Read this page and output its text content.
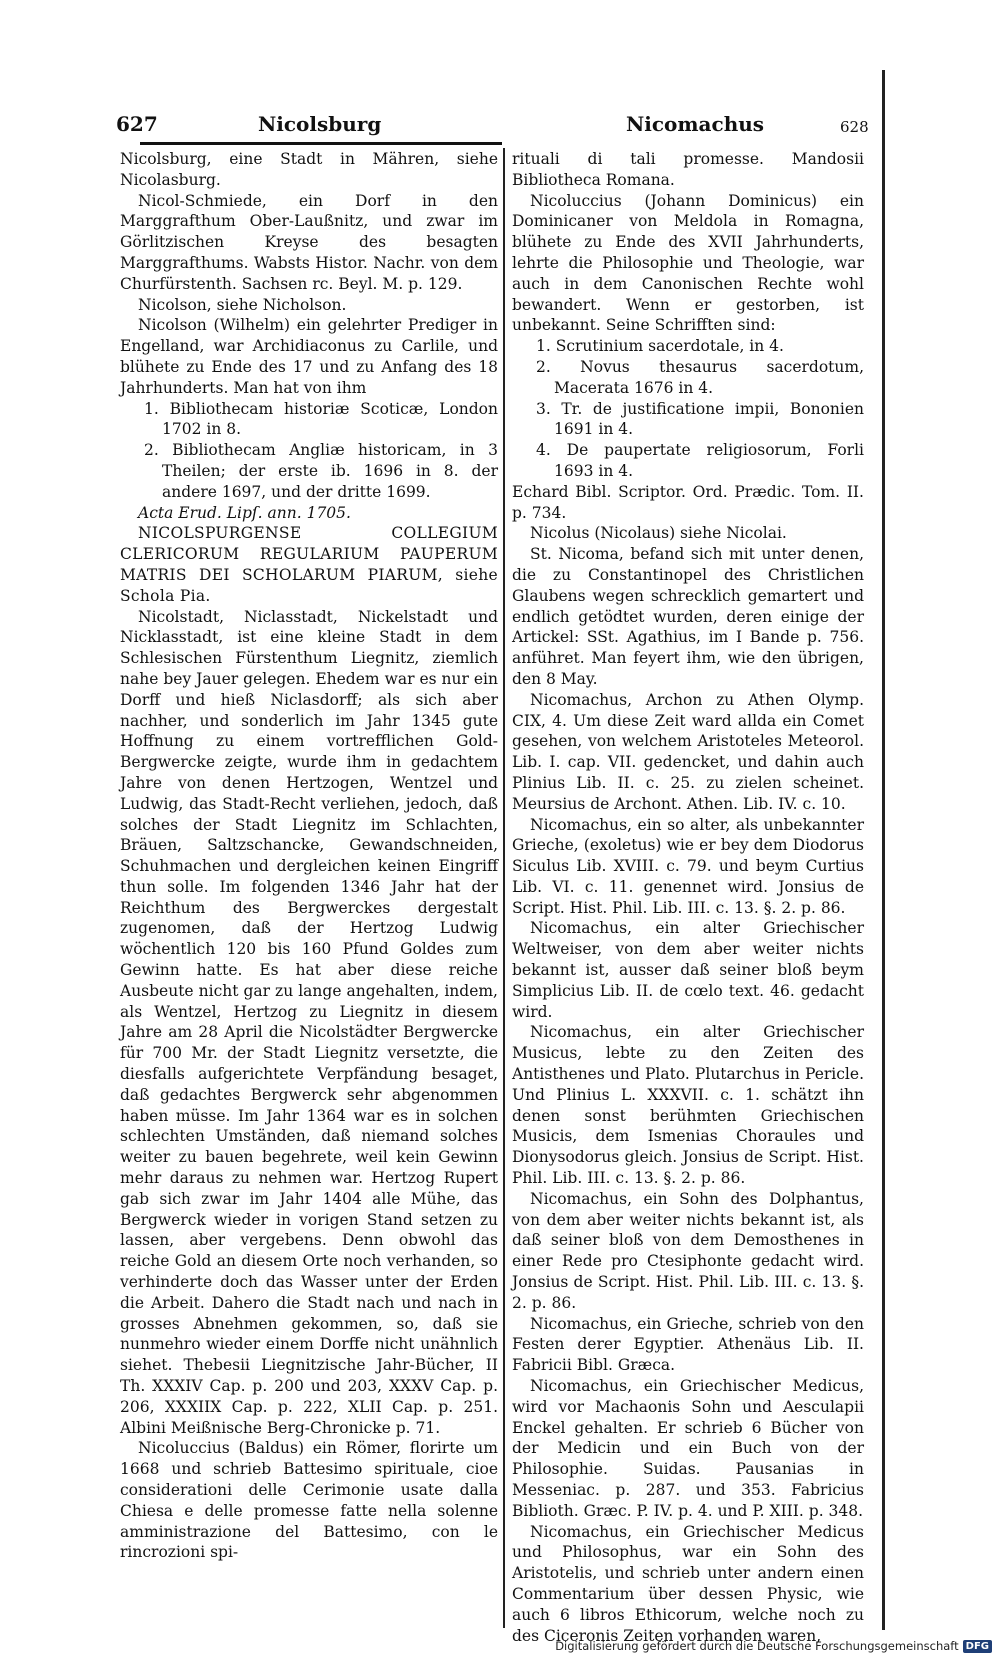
627	Nicolsburg	Nicomachus	628

Nicolsburg, eine Stadt in Mähren, siehe Nicolasburg.

Nicol-Schmiede, ein Dorf in den Marggrafthum Ober-Laußnitz, und zwar im Görlitzischen Kreyse des besagten Marggrafthums. Wabsts Histor. Nachr. von dem Churfürstenth. Sachsen rc. Beyl. M. p. 129.

Nicolson, siehe Nicholson.

Nicolson (Wilhelm) ein gelehrter Prediger in Engelland, war Archidiaconus zu Carlile, und blühete zu Ende des 17 und zu Anfang des 18 Jahrhunderts. Man hat von ihm

1. Bibliothecam historiæ Scoticæ, London 1702 in 8.

2. Bibliothecam Angliæ historicam, in 3 Theilen; der erste ib. 1696 in 8. der andere 1697, und der dritte 1699.

Acta Erud. Lipſ. ann. 1705.

NICOLSPURGENSE COLLEGIUM CLERICORUM REGULARIUM PAUPERUM MATRIS DEI SCHOLARUM PIARUM, siehe Schola Pia.

Nicolstadt, Niclasstadt, Nickelstadt und Nicklasstadt, ist eine kleine Stadt in dem Schlesischen Fürstenthum Liegnitz, ziemlich nahe bey Jauer gelegen. Ehedem war es nur ein Dorff und hieß Niclasdorff; als sich aber nachher, und sonderlich im Jahr 1345 gute Hoffnung zu einem vortrefflichen Gold-Bergwercke zeigte, wurde ihm in gedachtem Jahre von denen Hertzogen, Wentzel und Ludwig, das Stadt-Recht verliehen, jedoch, daß solches der Stadt Liegnitz im Schlachten, Bräuen, Saltzschancke, Gewandschneiden, Schuhmachen und dergleichen keinen Eingriff thun solle. Im folgenden 1346 Jahr hat der Reichthum des Bergwerckes dergestalt zugenomen, daß der Hertzog Ludwig wöchentlich 120 bis 160 Pfund Goldes zum Gewinn hatte. Es hat aber diese reiche Ausbeute nicht gar zu lange angehalten, indem, als Wentzel, Hertzog zu Liegnitz in diesem Jahre am 28 April die Nicolstädter Bergwercke für 700 Mr. der Stadt Liegnitz versetzte, die diesfalls aufgerichtete Verpfändung besaget, daß gedachtes Bergwerck sehr abgenommen haben müsse. Im Jahr 1364 war es in solchen schlechten Umständen, daß niemand solches weiter zu bauen begehrete, weil kein Gewinn mehr daraus zu nehmen war. Hertzog Rupert gab sich zwar im Jahr 1404 alle Mühe, das Bergwerck wieder in vorigen Stand setzen zu lassen, aber vergebens. Denn obwohl das reiche Gold an diesem Orte noch verhanden, so verhinderte doch das Wasser unter der Erden die Arbeit. Dahero die Stadt nach und nach in grosses Abnehmen gekommen, so, daß sie nunmehro wieder einem Dorffe nicht unähnlich siehet. Thebesii Liegnitzische Jahr-Bücher, II Th. XXXIV Cap. p. 200 und 203, XXXV Cap. p. 206, XXXIIX Cap. p. 222, XLII Cap. p. 251. Albini Meißnische Berg-Chronicke p. 71.

Nicoluccius (Baldus) ein Römer, florirte um 1668 und schrieb Battesimo spirituale, cioe considerationi delle Cerimonie usate dalla Chiesa e delle promesse fatte nella solenne amministrazione del Battesimo, con le rincrozioni spi-

rituali di tali promesse. Mandosii Bibliotheca Romana.

Nicoluccius (Johann Dominicus) ein Dominicaner von Meldola in Romagna, blühete zu Ende des XVII Jahrhunderts, lehrte die Philosophie und Theologie, war auch in dem Canonischen Rechte wohl bewandert. Wenn er gestorben, ist unbekannt. Seine Schrifften sind:

1. Scrutinium sacerdotale, in 4.

2. Novus thesaurus sacerdotum, Macerata 1676 in 4.

3. Tr. de justificatione impii, Bononien 1691 in 4.

4. De paupertate religiosorum, Forli 1693 in 4.

Echard Bibl. Scriptor. Ord. Prædic. Tom. II. p. 734.

Nicolus (Nicolaus) siehe Nicolai.

St. Nicoma, befand sich mit unter denen, die zu Constantinopel des Christlichen Glaubens wegen schrecklich gemartert und endlich getödtet wurden, deren einige der Artickel: SSt. Agathius, im I Bande p. 756. anführet. Man feyert ihm, wie den übrigen, den 8 May.

Nicomachus, Archon zu Athen Olymp. CIX, 4. Um diese Zeit ward allda ein Comet gesehen, von welchem Aristoteles Meteorol. Lib. I. cap. VII. gedencket, und dahin auch Plinius Lib. II. c. 25. zu zielen scheinet. Meursius de Archont. Athen. Lib. IV. c. 10.

Nicomachus, ein so alter, als unbekannter Grieche, (exoletus) wie er bey dem Diodorus Siculus Lib. XVIII. c. 79. und beym Curtius Lib. VI. c. 11. genennet wird. Jonsius de Script. Hist. Phil. Lib. III. c. 13. §. 2. p. 86.

Nicomachus, ein alter Griechischer Weltweiser, von dem aber weiter nichts bekannt ist, ausser daß seiner bloß beym Simplicius Lib. II. de cœlo text. 46. gedacht wird.

Nicomachus, ein alter Griechischer Musicus, lebte zu den Zeiten des Antisthenes und Plato. Plutarchus in Pericle. Und Plinius L. XXXVII. c. 1. schätzt ihn denen sonst berühmten Griechischen Musicis, dem Ismenias Choraules und Dionysodorus gleich. Jonsius de Script. Hist. Phil. Lib. III. c. 13. §. 2. p. 86.

Nicomachus, ein Sohn des Dolphantus, von dem aber weiter nichts bekannt ist, als daß seiner bloß von dem Demosthenes in einer Rede pro Ctesiphonte gedacht wird. Jonsius de Script. Hist. Phil. Lib. III. c. 13. §. 2. p. 86.

Nicomachus, ein Grieche, schrieb von den Festen derer Egyptier. Athenäus Lib. II. Fabricii Bibl. Græca.

Nicomachus, ein Griechischer Medicus, wird vor Machaonis Sohn und Aesculapii Enckel gehalten. Er schrieb 6 Bücher von der Medicin und ein Buch von der Philosophie. Suidas. Pausanias in Messeniac. p. 287. und 353. Fabricius Biblioth. Græc. P. IV. p. 4. und P. XIII. p. 348.

Nicomachus, ein Griechischer Medicus und Philosophus, war ein Sohn des Aristotelis, und schrieb unter andern einen Commentarium über dessen Physic, wie auch 6 libros Ethicorum, welche noch zu des Ciceronis Zeiten vorhanden waren,

Digitalisierung gefördert durch die Deutsche Forschungsgemeinschaft DFG
